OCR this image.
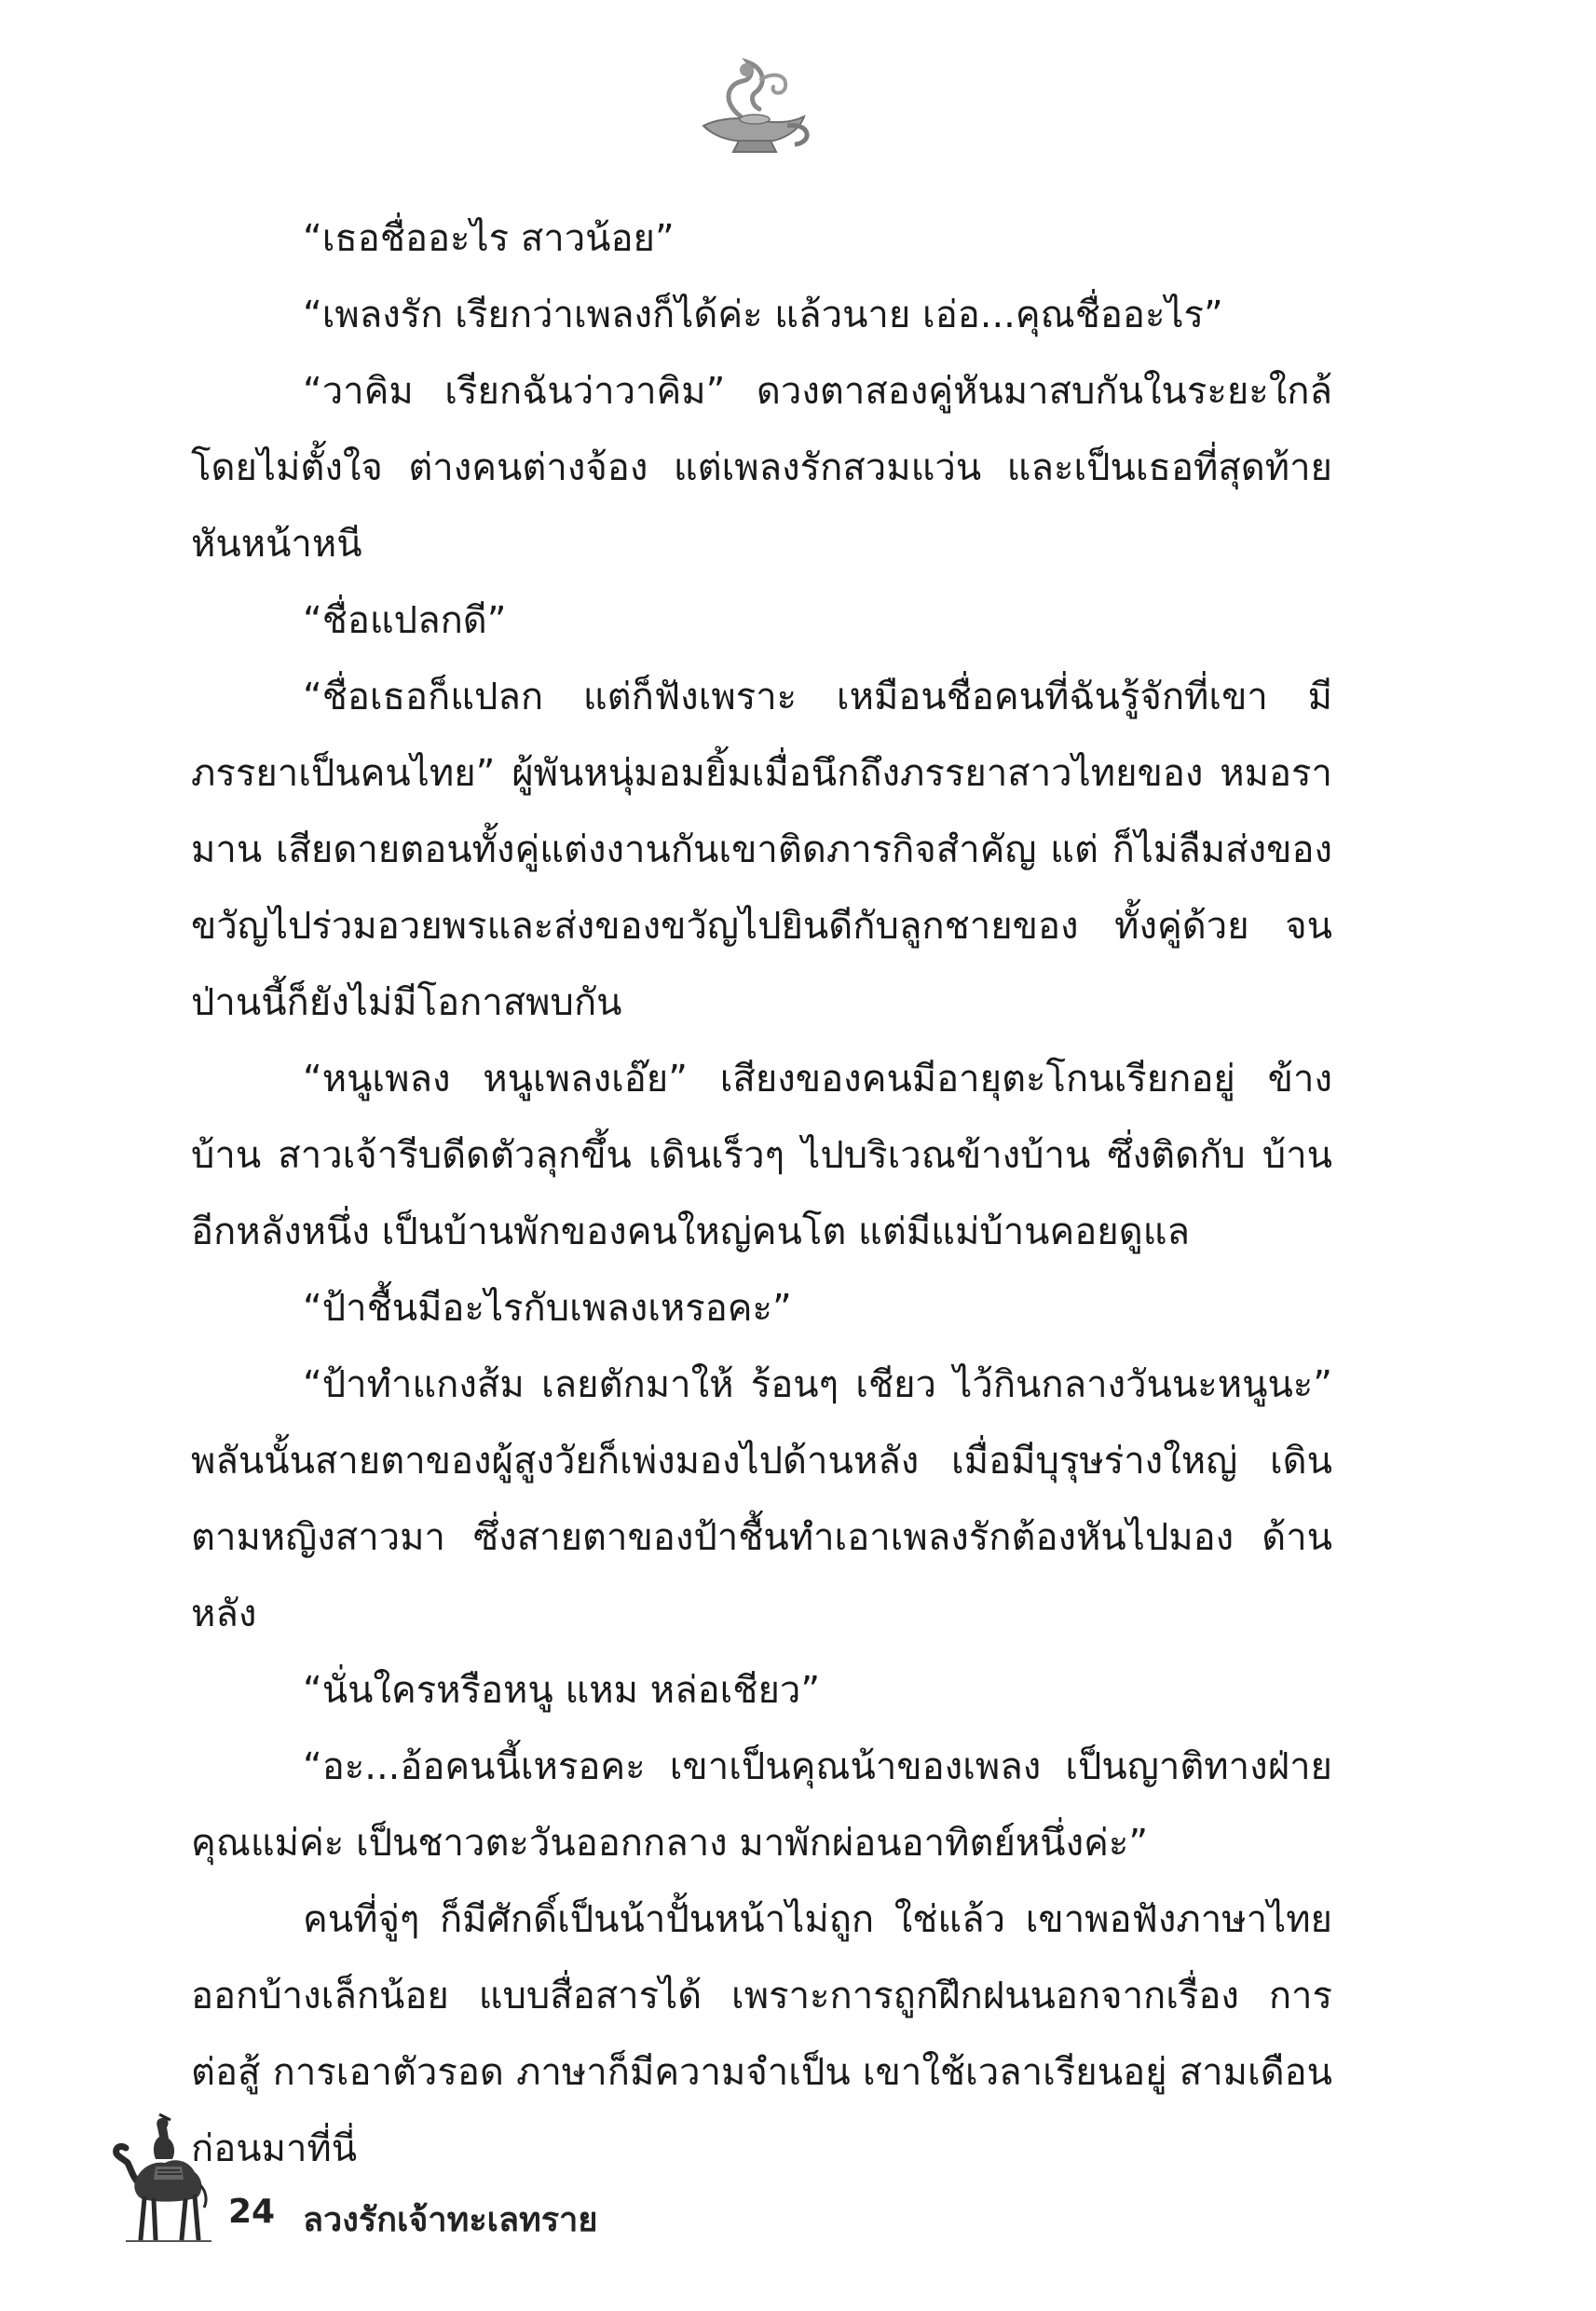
“เธอชื่ออะไร สาวน้อย”

“เพลงรัก เรียกว่าเพลงก็ได้ค่ะ แล้วนาย เอ่อ...คุณชื่ออะไร”

“วาคิม เรียกฉันว่าวาคิม” ดวงตาสองคู่หันมาสบกันในระยะใกล้ โดยไม่ตั้งใจ ต่างคนต่างจ้อง แต่เพลงรักสวมแว่น และเป็นเธอที่สุดท้าย หันหน้าหนี

“ชื่อแปลกดี”

“ชื่อเธอก็แปลก แต่ก็ฟังเพราะ เหมือนชื่อคนที่ฉันรู้จักที่เขา มีภรรยาเป็นคนไทย” ผู้พันหนุ่มอมยิ้มเมื่อนึกถึงภรรยาสาวไทยของ หมอรามาน เสียดายตอนทั้งคู่แต่งงานกันเขาติดภารกิจสำคัญ แต่ ก็ไม่ลืมส่งของขวัญไปร่วมอวยพรและส่งของขวัญไปยินดีกับลูกชายของ ทั้งคู่ด้วย จนป่านนี้ก็ยังไม่มีโอกาสพบกัน

“หนูเพลง หนูเพลงเอ๊ย” เสียงของคนมีอายุตะโกนเรียกอยู่ ข้างบ้าน สาวเจ้ารีบดีดตัวลุกขึ้น เดินเร็วๆ ไปบริเวณข้างบ้าน ซึ่งติดกับ บ้านอีกหลังหนึ่ง เป็นบ้านพักของคนใหญ่คนโต แต่มีแม่บ้านคอยดูแล

“ป้าชื้นมีอะไรกับเพลงเหรอคะ”

“ป้าทำแกงส้ม เลยตักมาให้ ร้อนๆ เชียว ไว้กินกลางวันนะหนูนะ” พลันนั้นสายตาของผู้สูงวัยก็เพ่งมองไปด้านหลัง เมื่อมีบุรุษร่างใหญ่ เดินตามหญิงสาวมา ซึ่งสายตาของป้าชื้นทำเอาเพลงรักต้องหันไปมอง ด้านหลัง

“นั่นใครหรือหนู แหม หล่อเชียว”

“อะ...อ้อคนนี้เหรอคะ เขาเป็นคุณน้าของเพลง เป็นญาติทางฝ่าย คุณแม่ค่ะ เป็นชาวตะวันออกกลาง มาพักผ่อนอาทิตย์หนึ่งค่ะ”

คนที่จู่ๆ ก็มีศักดิ์เป็นน้าปั้นหน้าไม่ถูก ใช่แล้ว เขาพอฟังภาษาไทย ออกบ้างเล็กน้อย แบบสื่อสารได้ เพราะการถูกฝึกฝนนอกจากเรื่อง การต่อสู้ การเอาตัวรอด ภาษาก็มีความจำเป็น เขาใช้เวลาเรียนอยู่ สามเดือนก่อนมาที่นี่

24 ลวงรักเจ้าทะเลทราย
